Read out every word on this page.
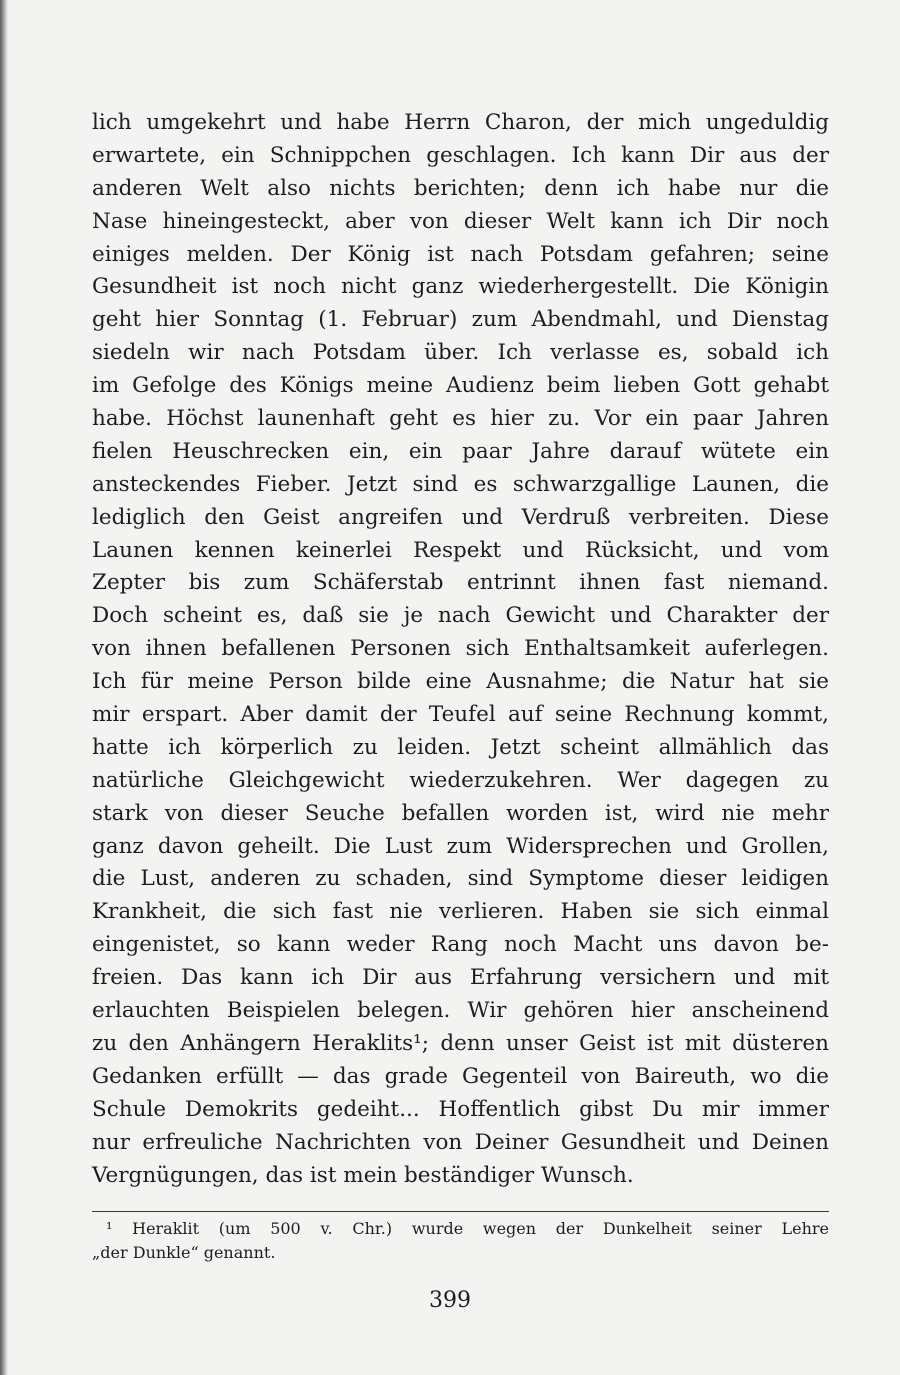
lich umgekehrt und habe Herrn Charon, der mich ungeduldig
erwartete, ein Schnippchen geschlagen. Ich kann Dir aus der
anderen Welt also nichts berichten; denn ich habe nur die
Nase hineingesteckt, aber von dieser Welt kann ich Dir noch
einiges melden. Der König ist nach Potsdam gefahren; seine
Gesundheit ist noch nicht ganz wiederhergestellt. Die Königin
geht hier Sonntag (1. Februar) zum Abendmahl, und Dienstag
siedeln wir nach Potsdam über. Ich verlasse es, sobald ich
im Gefolge des Königs meine Audienz beim lieben Gott gehabt
habe. Höchst launenhaft geht es hier zu. Vor ein paar Jahren
fielen Heuschrecken ein, ein paar Jahre darauf wütete ein
ansteckendes Fieber. Jetzt sind es schwarzgallige Launen, die
lediglich den Geist angreifen und Verdruß verbreiten. Diese
Launen kennen keinerlei Respekt und Rücksicht, und vom
Zepter bis zum Schäferstab entrinnt ihnen fast niemand.
Doch scheint es, daß sie je nach Gewicht und Charakter der
von ihnen befallenen Personen sich Enthaltsamkeit auferlegen.
Ich für meine Person bilde eine Ausnahme; die Natur hat sie
mir erspart. Aber damit der Teufel auf seine Rechnung kommt,
hatte ich körperlich zu leiden. Jetzt scheint allmählich das
natürliche Gleichgewicht wiederzukehren. Wer dagegen zu
stark von dieser Seuche befallen worden ist, wird nie mehr
ganz davon geheilt. Die Lust zum Widersprechen und Grollen,
die Lust, anderen zu schaden, sind Symptome dieser leidigen
Krankheit, die sich fast nie verlieren. Haben sie sich einmal
eingenistet, so kann weder Rang noch Macht uns davon be-
freien. Das kann ich Dir aus Erfahrung versichern und mit
erlauchten Beispielen belegen. Wir gehören hier anscheinend
zu den Anhängern Heraklits¹; denn unser Geist ist mit düsteren
Gedanken erfüllt — das grade Gegenteil von Baireuth, wo die
Schule Demokrits gedeiht... Hoffentlich gibst Du mir immer
nur erfreuliche Nachrichten von Deiner Gesundheit und Deinen
Vergnügungen, das ist mein beständiger Wunsch.
¹ Heraklit (um 500 v. Chr.) wurde wegen der Dunkelheit seiner Lehre
„der Dunkle“ genannt.
399
